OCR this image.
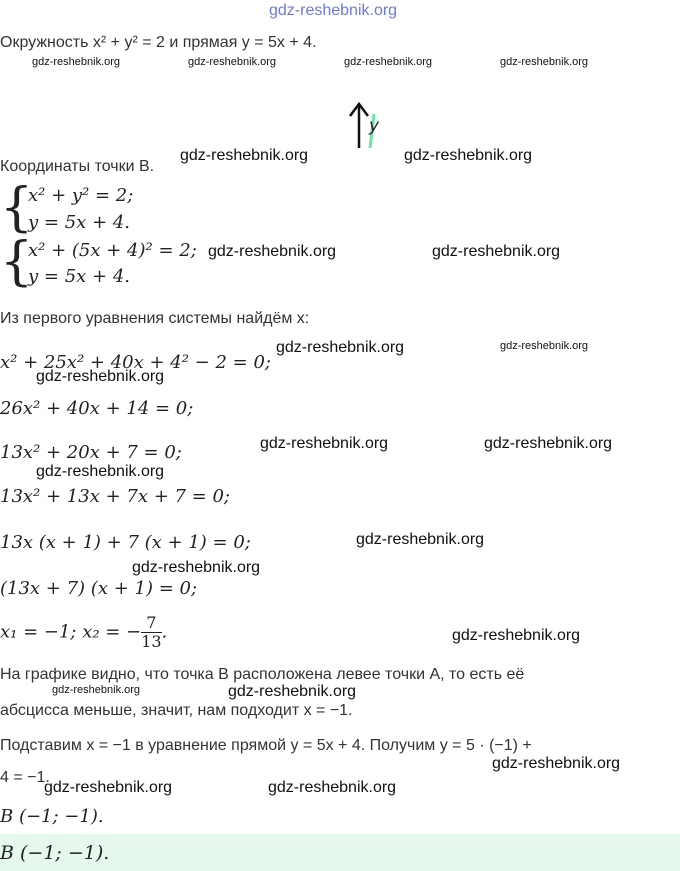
gdz-reshebnik.org
gdz-reshebnik.org	gdz-reshebnik.org	gdz-reshebnik.org	gdz-reshebnik.org
gdz-reshebnik.org	gdz-reshebnik.org
gdz-reshebnik.org	gdz-reshebnik.org
gdz-reshebnik.org	gdz-reshebnik.org
gdz-reshebnik.org
gdz-reshebnik.org	gdz-reshebnik.org
gdz-reshebnik.org
gdz-reshebnik.org
gdz-reshebnik.org
gdz-reshebnik.org
gdz-reshebnik.org	gdz-reshebnik.org
gdz-reshebnik.org
gdz-reshebnik.org	gdz-reshebnik.org
Окружность x² + y² = 2 и прямая y = 5x + 4.
y
Координаты точки B.
{
x² + y² = 2;
y = 5x + 4.
{
x² + (5x + 4)² = 2;
y = 5x + 4.
Из первого уравнения системы найдём x:
x² + 25x² + 40x + 4² − 2 = 0;
26x² + 40x + 14 = 0;
13x² + 20x + 7 = 0;
13x² + 13x + 7x + 7 = 0;
13x (x + 1) + 7 (x + 1) = 0;
(13x + 7) (x + 1) = 0;
x₁ = −1; x₂ = − $\frac{7}{13}$ .
На графике видно, что точка B расположена левее точки A, то есть её
абсцисса меньше, значит, нам подходит x = −1.
Подставим x = −1 в уравнение прямой y = 5x + 4. Получим y = 5 · (−1) +
4 = −1.
B (−1; −1).
B (−1; −1).
